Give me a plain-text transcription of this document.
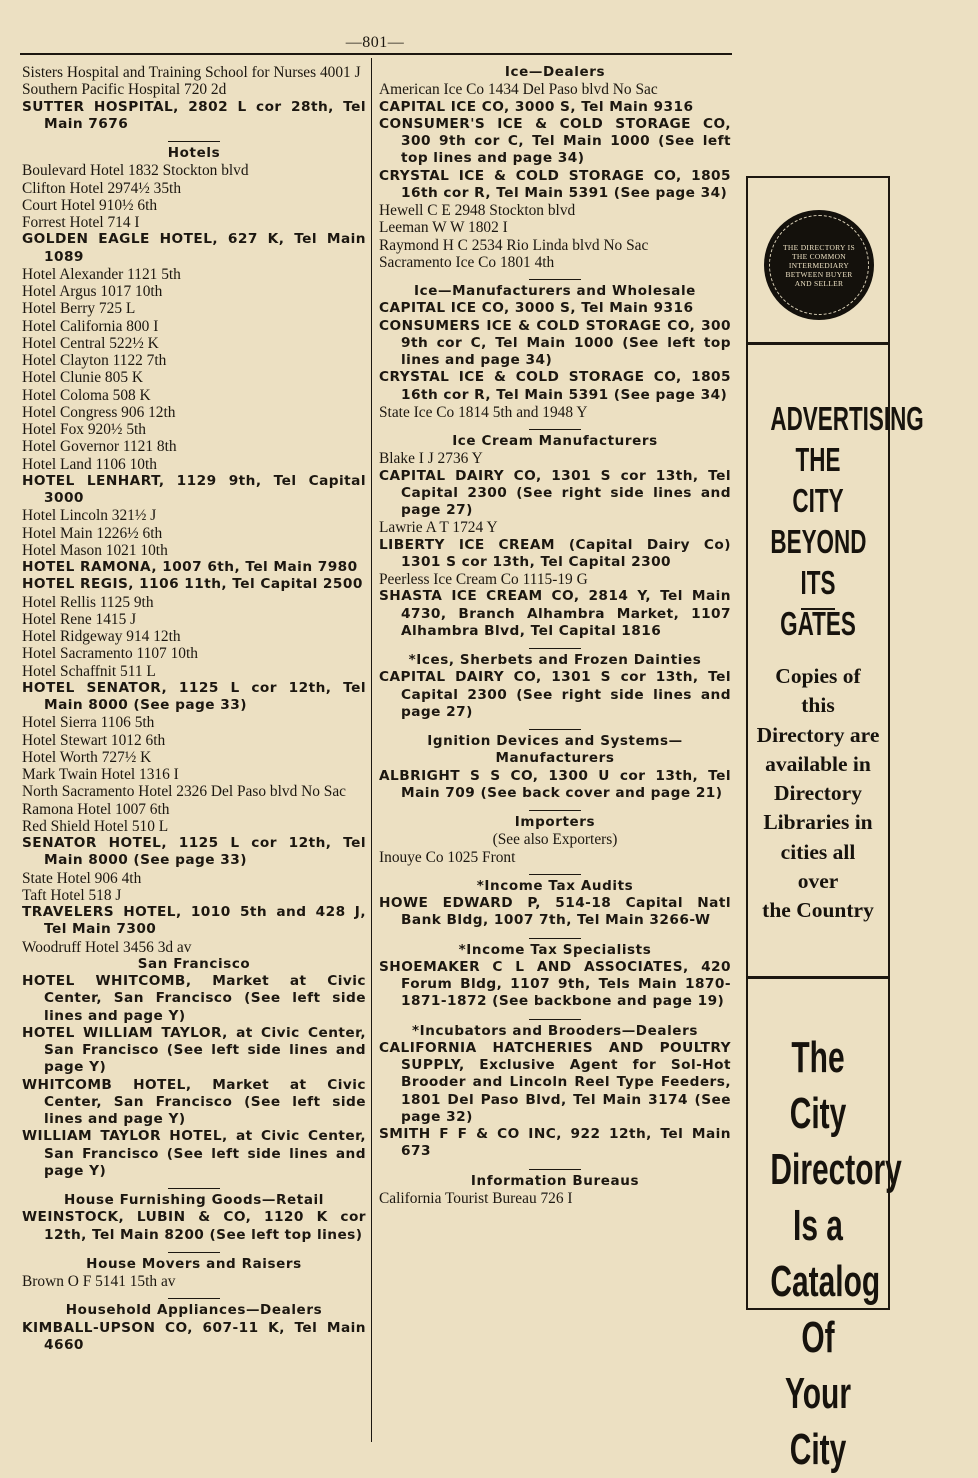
—801—
Sisters Hospital and Training School for Nurses 4001 J
Southern Pacific Hospital 720 2d
SUTTER HOSPITAL, 2802 L cor 28th, Tel Main 7676
Hotels
Boulevard Hotel 1832 Stockton blvd
Clifton Hotel 2974½ 35th
Court Hotel 910½ 6th
Forrest Hotel 714 I
GOLDEN EAGLE HOTEL, 627 K, Tel Main 1089
Hotel Alexander 1121 5th
Hotel Argus 1017 10th
Hotel Berry 725 L
Hotel California 800 I
Hotel Central 522½ K
Hotel Clayton 1122 7th
Hotel Clunie 805 K
Hotel Coloma 508 K
Hotel Congress 906 12th
Hotel Fox 920½ 5th
Hotel Governor 1121 8th
Hotel Land 1106 10th
HOTEL LENHART, 1129 9th, Tel Capital 3000
Hotel Lincoln 321½ J
Hotel Main 1226½ 6th
Hotel Mason 1021 10th
HOTEL RAMONA, 1007 6th, Tel Main 7980
HOTEL REGIS, 1106 11th, Tel Capital 2500
Hotel Rellis 1125 9th
Hotel Rene 1415 J
Hotel Ridgeway 914 12th
Hotel Sacramento 1107 10th
Hotel Schaffnit 511 L
HOTEL SENATOR, 1125 L cor 12th, Tel Main 8000 (See page 33)
Hotel Sierra 1106 5th
Hotel Stewart 1012 6th
Hotel Worth 727½ K
Mark Twain Hotel 1316 I
North Sacramento Hotel 2326 Del Paso blvd No Sac
Ramona Hotel 1007 6th
Red Shield Hotel 510 L
SENATOR HOTEL, 1125 L cor 12th, Tel Main 8000 (See page 33)
State Hotel 906 4th
Taft Hotel 518 J
TRAVELERS HOTEL, 1010 5th and 428 J, Tel Main 7300
Woodruff Hotel 3456 3d av
San Francisco
HOTEL WHITCOMB, Market at Civic Center, San Francisco (See left side lines and page Y)
HOTEL WILLIAM TAYLOR, at Civic Center, San Francisco (See left side lines and page Y)
WHITCOMB HOTEL, Market at Civic Center, San Francisco (See left side lines and page Y)
WILLIAM TAYLOR HOTEL, at Civic Center, San Francisco (See left side lines and page Y)
House Furnishing Goods—Retail
WEINSTOCK, LUBIN & CO, 1120 K cor 12th, Tel Main 8200 (See left top lines)
House Movers and Raisers
Brown O F 5141 15th av
Household Appliances—Dealers
KIMBALL-UPSON CO, 607-11 K, Tel Main 4660
Ice—Dealers
American Ice Co 1434 Del Paso blvd No Sac
CAPITAL ICE CO, 3000 S, Tel Main 9316
CONSUMER'S ICE & COLD STORAGE CO, 300 9th cor C, Tel Main 1000 (See left top lines and page 34)
CRYSTAL ICE & COLD STORAGE CO, 1805 16th cor R, Tel Main 5391 (See page 34)
Hewell C E 2948 Stockton blvd
Leeman W W 1802 I
Raymond H C 2534 Rio Linda blvd No Sac
Sacramento Ice Co 1801 4th
Ice—Manufacturers and Wholesale
CAPITAL ICE CO, 3000 S, Tel Main 9316
CONSUMERS ICE & COLD STORAGE CO, 300 9th cor C, Tel Main 1000 (See left top lines and page 34)
CRYSTAL ICE & COLD STORAGE CO, 1805 16th cor R, Tel Main 5391 (See page 34)
State Ice Co 1814 5th and 1948 Y
Ice Cream Manufacturers
Blake I J 2736 Y
CAPITAL DAIRY CO, 1301 S cor 13th, Tel Capital 2300 (See right side lines and page 27)
Lawrie A T 1724 Y
LIBERTY ICE CREAM (Capital Dairy Co) 1301 S cor 13th, Tel Capital 2300
Peerless Ice Cream Co 1115-19 G
SHASTA ICE CREAM CO, 2814 Y, Tel Main 4730, Branch Alhambra Market, 1107 Alhambra Blvd, Tel Capital 1816
*Ices, Sherbets and Frozen Dainties
CAPITAL DAIRY CO, 1301 S cor 13th, Tel Capital 2300 (See right side lines and page 27)
Ignition Devices and Systems— Manufacturers
ALBRIGHT S S CO, 1300 U cor 13th, Tel Main 709 (See back cover and page 21)
Importers
(See also Exporters)
Inouye Co 1025 Front
*Income Tax Audits
HOWE EDWARD P, 514-18 Capital Natl Bank Bldg, 1007 7th, Tel Main 3266-W
*Income Tax Specialists
SHOEMAKER C L AND ASSOCIATES, 420 Forum Bldg, 1107 9th, Tels Main 1870-1871-1872 (See backbone and page 19)
*Incubators and Brooders—Dealers
CALIFORNIA HATCHERIES AND POULTRY SUPPLY, Exclusive Agent for Sol-Hot Brooder and Lincoln Reel Type Feeders, 1801 Del Paso Blvd, Tel Main 3174 (See page 32)
SMITH F F & CO INC, 922 12th, Tel Main 673
Information Bureaus
California Tourist Bureau 726 I
THE DIRECTORY IS THE COMMON INTERMEDIARY BETWEEN BUYER AND SELLER
ADVERTISING
THE CITY
BEYOND
ITS GATES
Copies of
this
Directory are
available in
Directory
Libraries in
cities all
over
the Country
The City
Directory
Is a
Catalog Of
Your City
